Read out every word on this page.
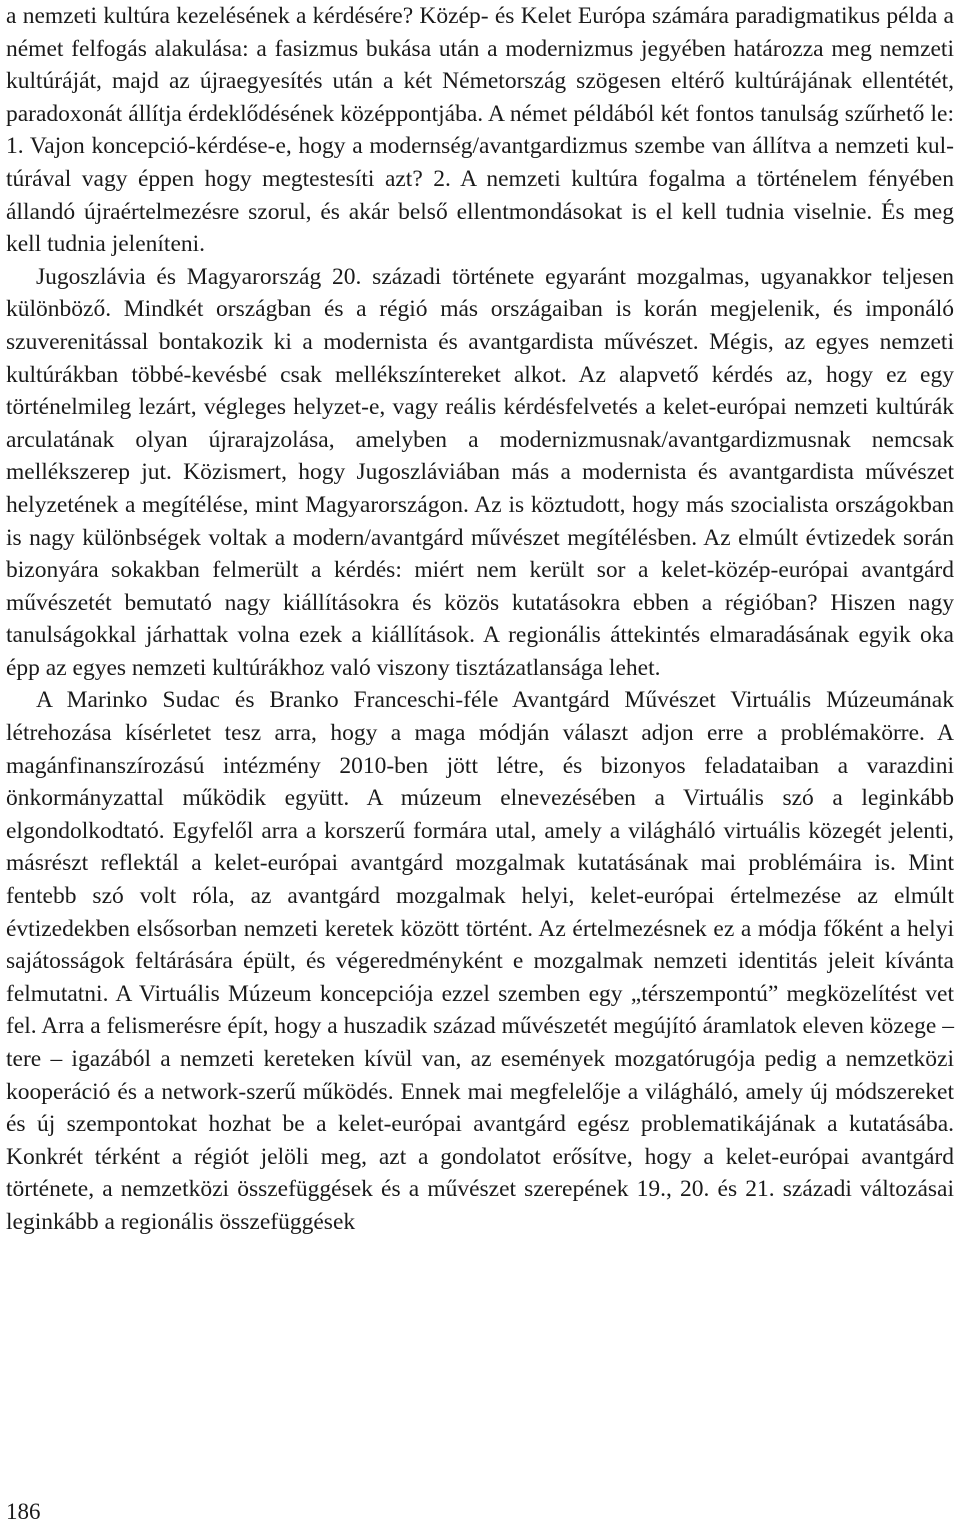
a nemzeti kultúra kezelésének a kérdésére? Közép- és Kelet Európa számára paradigmatikus példa a német felfogás alakulása: a fasizmus bukása után a modernizmus jegyében határozza meg nemzeti kultúráját, majd az újraegyesítés után a két Németország szögesen eltérő kultúrájának ellentétét, paradoxonát állítja érdeklődésének középpontjába. A német példából két fontos tanulság szűrhető le: 1. Vajon koncepció-kérdése-e, hogy a modernség/avantgardizmus szembe van állítva a nemzeti kultúrával vagy éppen hogy megtestesíti azt? 2. A nemzeti kultúra fogalma a történelem fényében állandó újraértelmezésre szorul, és akár belső ellentmondásokat is el kell tudnia viselnie. És meg kell tudnia jeleníteni.

Jugoszlávia és Magyarország 20. századi története egyaránt mozgalmas, ugyanakkor teljesen különböző. Mindkét országban és a régió más országaiban is korán megjelenik, és imponáló szuverenitással bontakozik ki a modernista és avantgardista művészet. Mégis, az egyes nemzeti kultúrákban többé-kevésbé csak mellékszíntereket alkot. Az alapvető kérdés az, hogy ez egy történelmileg lezárt, végleges helyzet-e, vagy reális kérdésfelvetés a kelet-európai nemzeti kultúrák arculatának olyan újrarajzolása, amelyben a modernizmusnak/avantgardizmusnak nemcsak mellékszerep jut. Közismert, hogy Jugoszláviában más a modernista és avantgardista művészet helyzetének a megítélése, mint Magyarországon. Az is köztudott, hogy más szocialista országokban is nagy különbségek voltak a modern/avantgárd művészet megítélésben. Az elmúlt évtizedek során bizonyára sokakban felmerült a kérdés: miért nem került sor a kelet-közép-európai avantgárd művészetét bemutató nagy kiállításokra és közös kutatásokra ebben a régióban? Hiszen nagy tanulságokkal járhattak volna ezek a kiállítások. A regionális áttekintés elmaradásának egyik oka épp az egyes nemzeti kultúrákhoz való viszony tisztázatlansága lehet.

A Marinko Sudac és Branko Franceschi-féle Avantgárd Művészet Virtuális Múzeumának létrehozása kísérletet tesz arra, hogy a maga módján választ adjon erre a problémakörre. A magánfinanszírozású intézmény 2010-ben jött létre, és bizonyos feladataiban a varazdini önkormányzattal működik együtt. A múzeum elnevezésében a Virtuális szó a leginkább elgondolkodtató. Egyfelől arra a korszerű formára utal, amely a világháló virtuális közegét jelenti, másrészt reflektál a kelet-európai avantgárd mozgalmak kutatásának mai problémáira is. Mint fentebb szó volt róla, az avantgárd mozgalmak helyi, kelet-európai értelmezése az elmúlt évtizedekben elsősorban nemzeti keretek között történt. Az értelmezésnek ez a módja főként a helyi sajátosságok feltárására épült, és végeredményként e mozgalmak nemzeti identitás jeleit kívánta felmutatni. A Virtuális Múzeum koncepciója ezzel szemben egy „térszempontú” megközelítést vet fel. Arra a felismerésre épít, hogy a huszadik század művészetét megújító áramlatok eleven közege – tere – igazából a nemzeti kereteken kívül van, az események mozgatórugója pedig a nemzetközi kooperáció és a network-szerű működés. Ennek mai megfelelője a világháló, amely új módszereket és új szempontokat hozhat be a kelet-európai avantgárd egész problematikájának a kutatásába. Konkrét térként a régiót jelöli meg, azt a gondolatot erősítve, hogy a kelet-európai avantgárd története, a nemzetközi összefüggések és a művészet szerepének 19., 20. és 21. századi változásai leginkább a regionális összefüggések

186
